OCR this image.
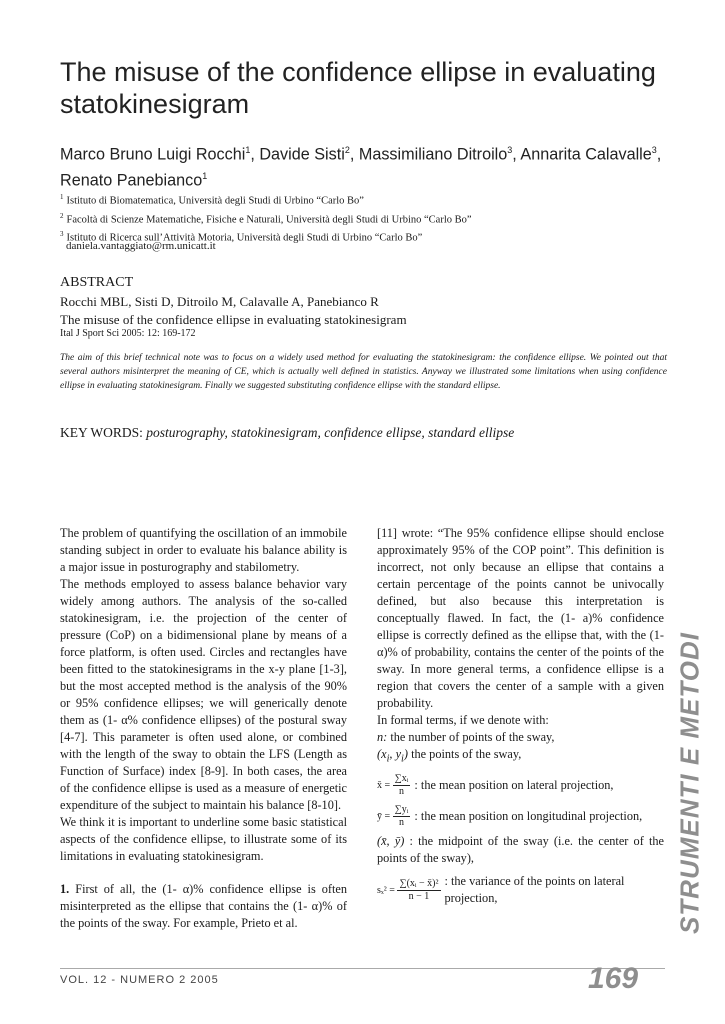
The misuse of the confidence ellipse in evaluating statokinesigram
Marco Bruno Luigi Rocchi$^1$, Davide Sisti$^2$, Massimiliano Ditroilo$^3$, Annarita Calavalle$^3$, Renato Panebianco$^1$
$^1$ Istituto di Biomatematica, Università degli Studi di Urbino “Carlo Bo”
$^2$ Facoltà di Scienze Matematiche, Fisiche e Naturali, Università degli Studi di Urbino “Carlo Bo”
$^3$ Istituto di Ricerca sull’Attività Motoria, Università degli Studi di Urbino “Carlo Bo”
daniela.vantaggiato@rm.unicatt.it
ABSTRACT
Rocchi MBL, Sisti D, Ditroilo M, Calavalle A, Panebianco R
The misuse of the confidence ellipse in evaluating statokinesigram
Ital J Sport Sci 2005: 12: 169-172
The aim of this brief technical note was to focus on a widely used method for evaluating the statokinesigram: the confidence ellipse. We pointed out that several authors misinterpret the meaning of CE, which is actually well defined in statistics. Anyway we illustrated some limitations when using confidence ellipse in evaluating statokinesigram. Finally we suggested substituting confidence ellipse with the standard ellipse.
KEY WORDS: posturography, statokinesigram, confidence ellipse, standard ellipse

The problem of quantifying the oscillation of an immobile standing subject in order to evaluate his balance ability is a major issue in posturography and stabilometry.

The methods employed to assess balance behavior vary widely among authors. The analysis of the so-called statokinesigram, i.e. the projection of the center of pressure (CoP) on a bidimensional plane by means of a force platform, is often used. Circles and rectangles have been fitted to the statokinesigrams in the x-y plane [1-3], but the most accepted method is the analysis of the 90% or 95% confidence ellipses; we will generically denote them as (1- α% confidence ellipses) of the postural sway [4-7]. This parameter is often used alone, or combined with the length of the sway to obtain the LFS (Length as Function of Surface) index [8-9]. In both cases, the area of the confidence ellipse is used as a measure of energetic expenditure of the subject to maintain his balance [8-10].

We think it is important to underline some basic statistical aspects of the confidence ellipse, to illustrate some of its limitations in evaluating statokinesigram.

1. First of all, the (1- α)% confidence ellipse is often misinterpreted as the ellipse that contains the (1- α)% of the points of the sway. For example, Prieto et al.

[11] wrote: “The 95% confidence ellipse should enclose approximately 95% of the COP point”. This definition is incorrect, not only because an ellipse that contains a certain percentage of the points cannot be univocally defined, but also because this interpretation is conceptually flawed. In fact, the (1- a)% confidence ellipse is correctly defined as the ellipse that, with the (1- α)% of probability, contains the center of the points of the sway. In more general terms, a confidence ellipse is a region that covers the center of a sample with a given probability.

In formal terms, if we denote with:

n: the number of points of the sway,

($x_i$, $y_i$) the points of the sway,

x̄ = $\frac{\text{∑xᵢ}}{n}$ : the mean position on lateral projection,
ȳ = $\frac{\text{∑yᵢ}}{n}$ : the mean position on longitudinal projection,

(x̄, ȳ) : the midpoint of the sway (i.e. the center of the points of the sway),

$s_x^2 = \frac{\text{∑(xᵢ − x̄)²}}{n - 1}$ : the variance of the points on lateral projection,	STRUMENTI E METODI
VOL. 12 - NUMERO 2 2005	169
